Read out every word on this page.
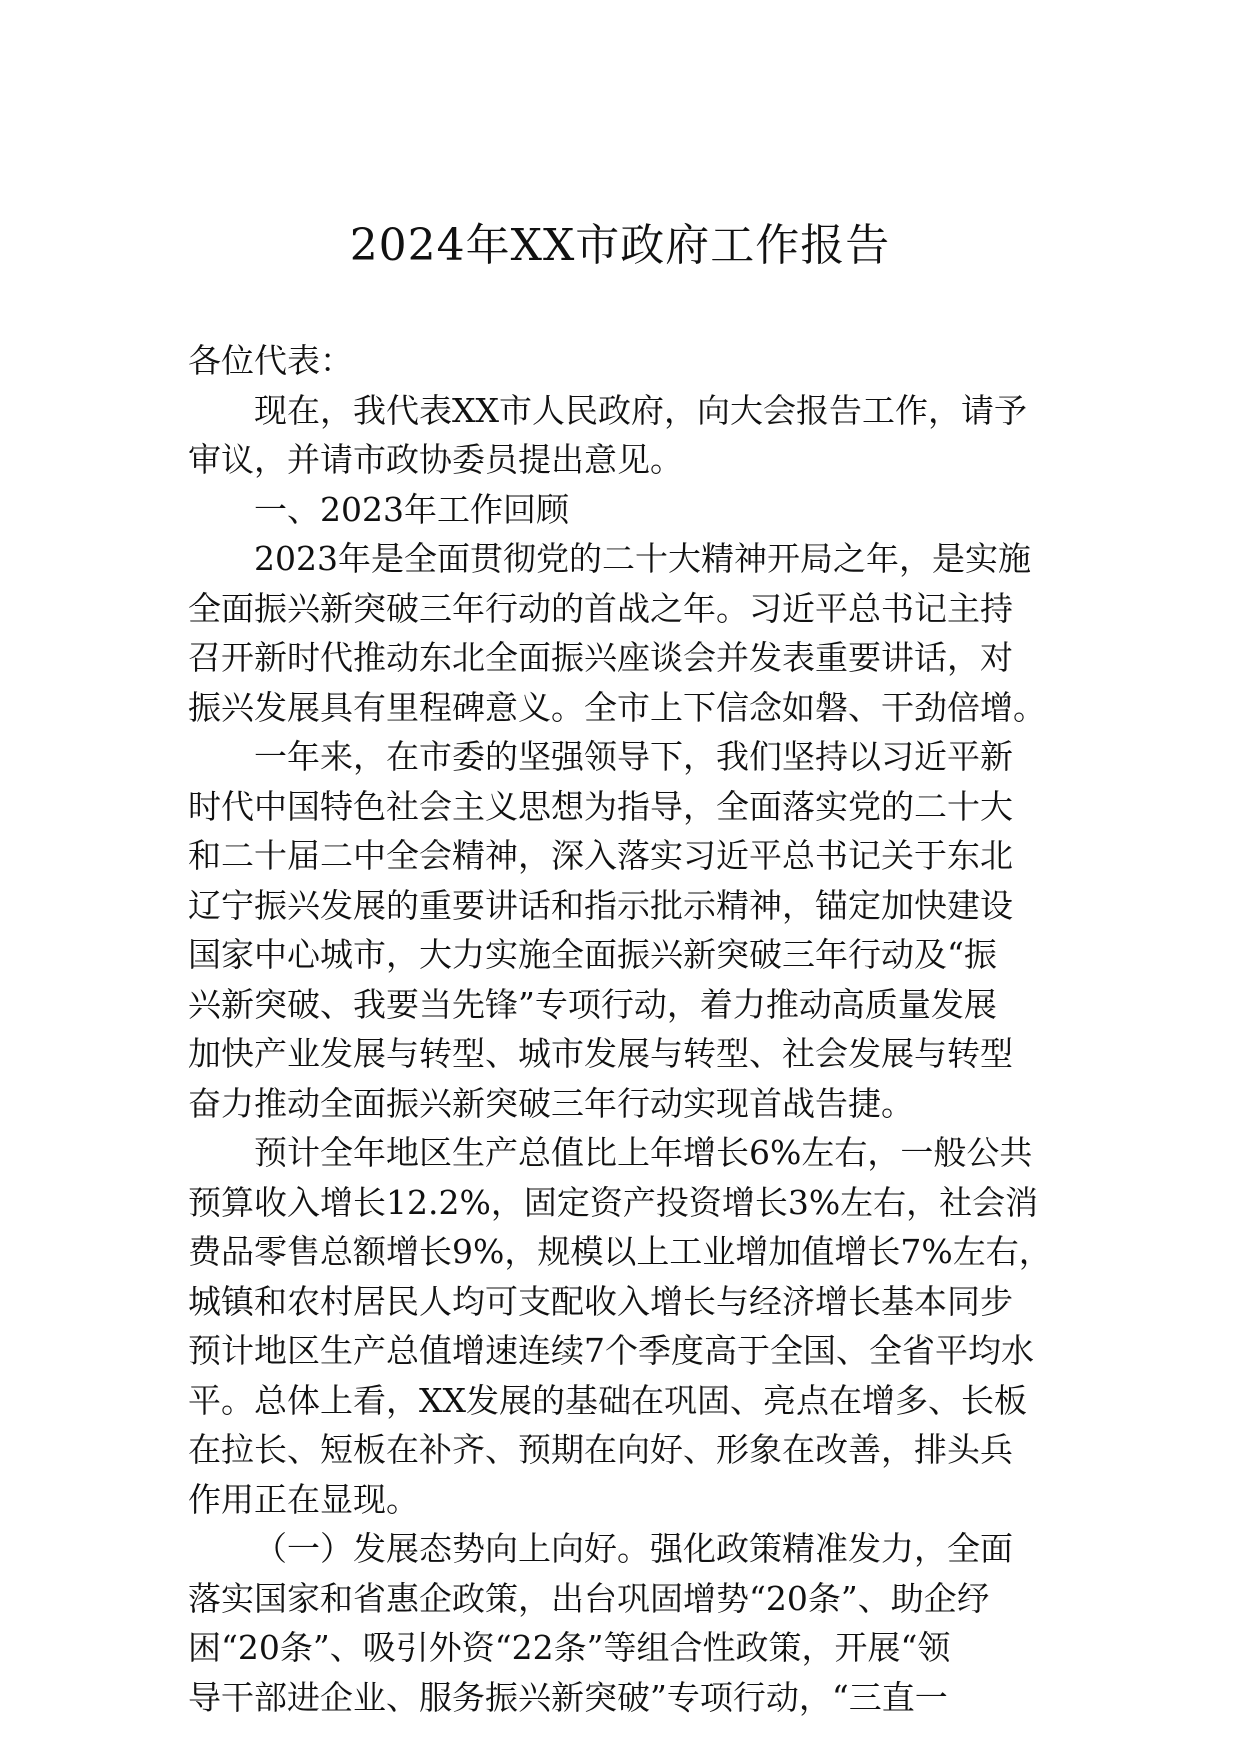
2024年XX市政府工作报告
各位代表：
现在，我代表XX市人民政府，向大会报告工作，请予
审议，并请市政协委员提出意见。
一、2023年工作回顾
2023年是全面贯彻党的二十大精神开局之年，是实施
全面振兴新突破三年行动的首战之年。习近平总书记主持
召开新时代推动东北全面振兴座谈会并发表重要讲话，对
振兴发展具有里程碑意义。全市上下信念如磐、干劲倍增。
一年来，在市委的坚强领导下，我们坚持以习近平新
时代中国特色社会主义思想为指导，全面落实党的二十大
和二十届二中全会精神，深入落实习近平总书记关于东北
辽宁振兴发展的重要讲话和指示批示精神，锚定加快建设
国家中心城市，大力实施全面振兴新突破三年行动及“振
兴新突破、我要当先锋”专项行动，着力推动高质量发展
加快产业发展与转型、城市发展与转型、社会发展与转型
奋力推动全面振兴新突破三年行动实现首战告捷。
预计全年地区生产总值比上年增长6%左右，一般公共
预算收入增长12.2%，固定资产投资增长3%左右，社会消
费品零售总额增长9%，规模以上工业增加值增长7%左右，
城镇和农村居民人均可支配收入增长与经济增长基本同步
预计地区生产总值增速连续7个季度高于全国、全省平均水
平。总体上看，XX发展的基础在巩固、亮点在增多、长板
在拉长、短板在补齐、预期在向好、形象在改善，排头兵
作用正在显现。
（一）发展态势向上向好。强化政策精准发力，全面
落实国家和省惠企政策，出台巩固增势“20条”、助企纾
困“20条”、吸引外资“22条”等组合性政策，开展“领
导干部进企业、服务振兴新突破”专项行动，“三直一
